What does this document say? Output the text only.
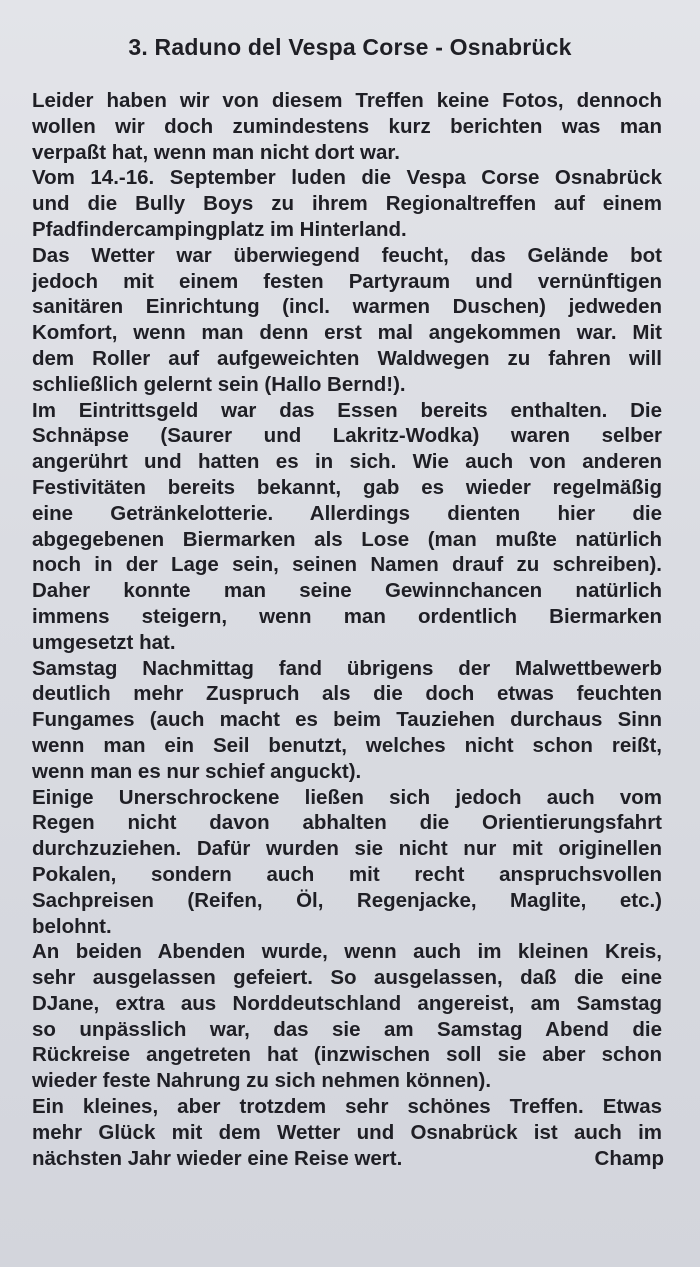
3. Raduno del Vespa Corse - Osnabrück
Leider haben wir von diesem Treffen keine Fotos, dennoch
wollen wir doch zumindestens kurz berichten was man
verpaßt hat, wenn man nicht dort war.
Vom 14.-16. September luden die Vespa Corse Osnabrück
und die Bully Boys zu ihrem Regionaltreffen auf einem
Pfadfindercampingplatz im Hinterland.
Das Wetter war überwiegend feucht, das Gelände bot
jedoch mit einem festen Partyraum und vernünftigen
sanitären Einrichtung (incl. warmen Duschen) jedweden
Komfort, wenn man denn erst mal angekommen war. Mit
dem Roller auf aufgeweichten Waldwegen zu fahren will
schließlich gelernt sein (Hallo Bernd!).
Im Eintrittsgeld war das Essen bereits enthalten. Die
Schnäpse (Saurer und Lakritz-Wodka) waren selber
angerührt und hatten es in sich. Wie auch von anderen
Festivitäten bereits bekannt, gab es wieder regelmäßig
eine Getränkelotterie. Allerdings dienten hier die
abgegebenen Biermarken als Lose (man mußte natürlich
noch in der Lage sein, seinen Namen drauf zu schreiben).
Daher konnte man seine Gewinnchancen natürlich
immens steigern, wenn man ordentlich Biermarken
umgesetzt hat.
Samstag Nachmittag fand übrigens der Malwettbewerb
deutlich mehr Zuspruch als die doch etwas feuchten
Fungames (auch macht es beim Tauziehen durchaus Sinn
wenn man ein Seil benutzt, welches nicht schon reißt,
wenn man es nur schief anguckt).
Einige Unerschrockene ließen sich jedoch auch vom
Regen nicht davon abhalten die Orientierungsfahrt
durchzuziehen. Dafür wurden sie nicht nur mit originellen
Pokalen, sondern auch mit recht anspruchsvollen
Sachpreisen (Reifen, Öl, Regenjacke, Maglite, etc.)
belohnt.
An beiden Abenden wurde, wenn auch im kleinen Kreis,
sehr ausgelassen gefeiert. So ausgelassen, daß die eine
DJane, extra aus Norddeutschland angereist, am Samstag
so unpässlich war, das sie am Samstag Abend die
Rückreise angetreten hat (inzwischen soll sie aber schon
wieder feste Nahrung zu sich nehmen können).
Ein kleines, aber trotzdem sehr schönes Treffen. Etwas
mehr Glück mit dem Wetter und Osnabrück ist auch im
nächsten Jahr wieder eine Reise wert.	Champ
